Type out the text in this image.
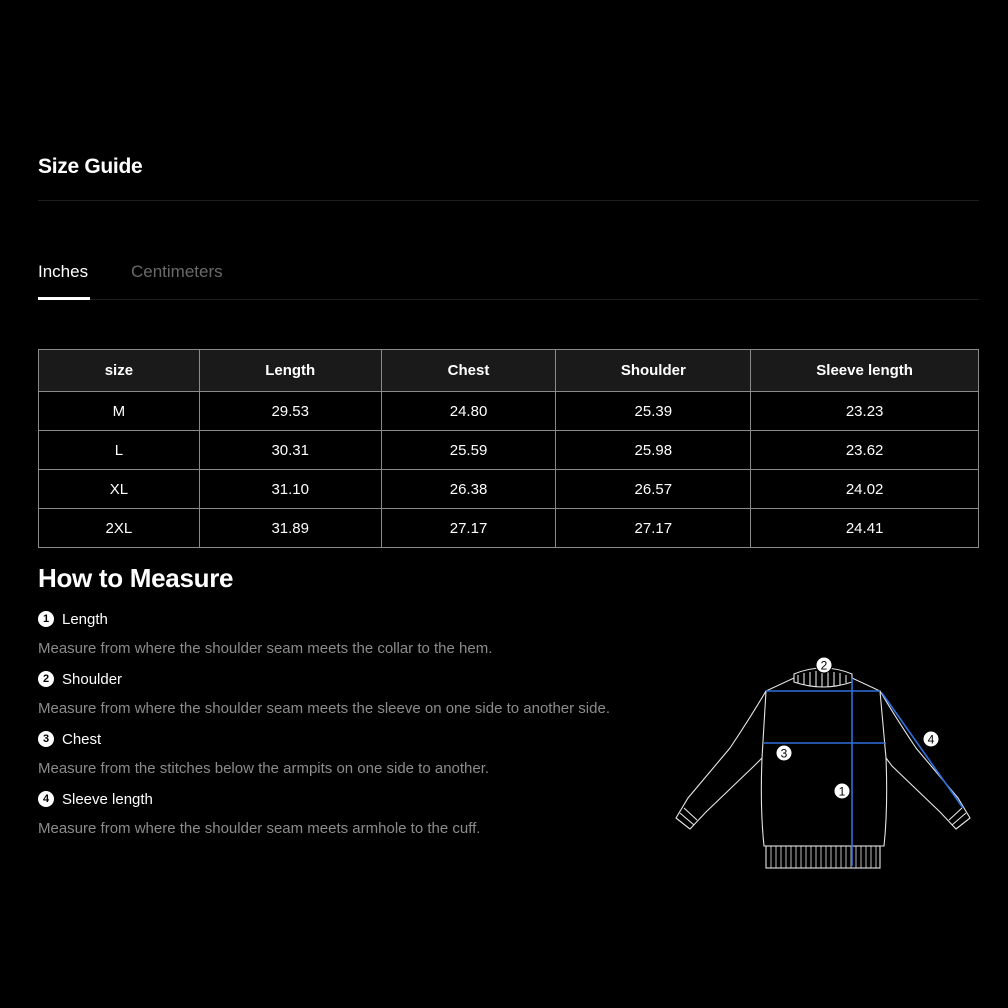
Size Guide
Inches	Centimeters
size	Length	Chest	Shoulder	Sleeve length
M	29.53	24.80	25.39	23.23
L	30.31	25.59	25.98	23.62
XL	31.10	26.38	26.57	24.02
2XL	31.89	27.17	27.17	24.41
How to Measure
1 Length
Measure from where the shoulder seam meets the collar to the hem.
2 Shoulder
Measure from where the shoulder seam meets the sleeve on one side to another side.
3 Chest
Measure from the stitches below the armpits on one side to another.
4 Sleeve length
Measure from where the shoulder seam meets armhole to the cuff.
2
4
3
1
